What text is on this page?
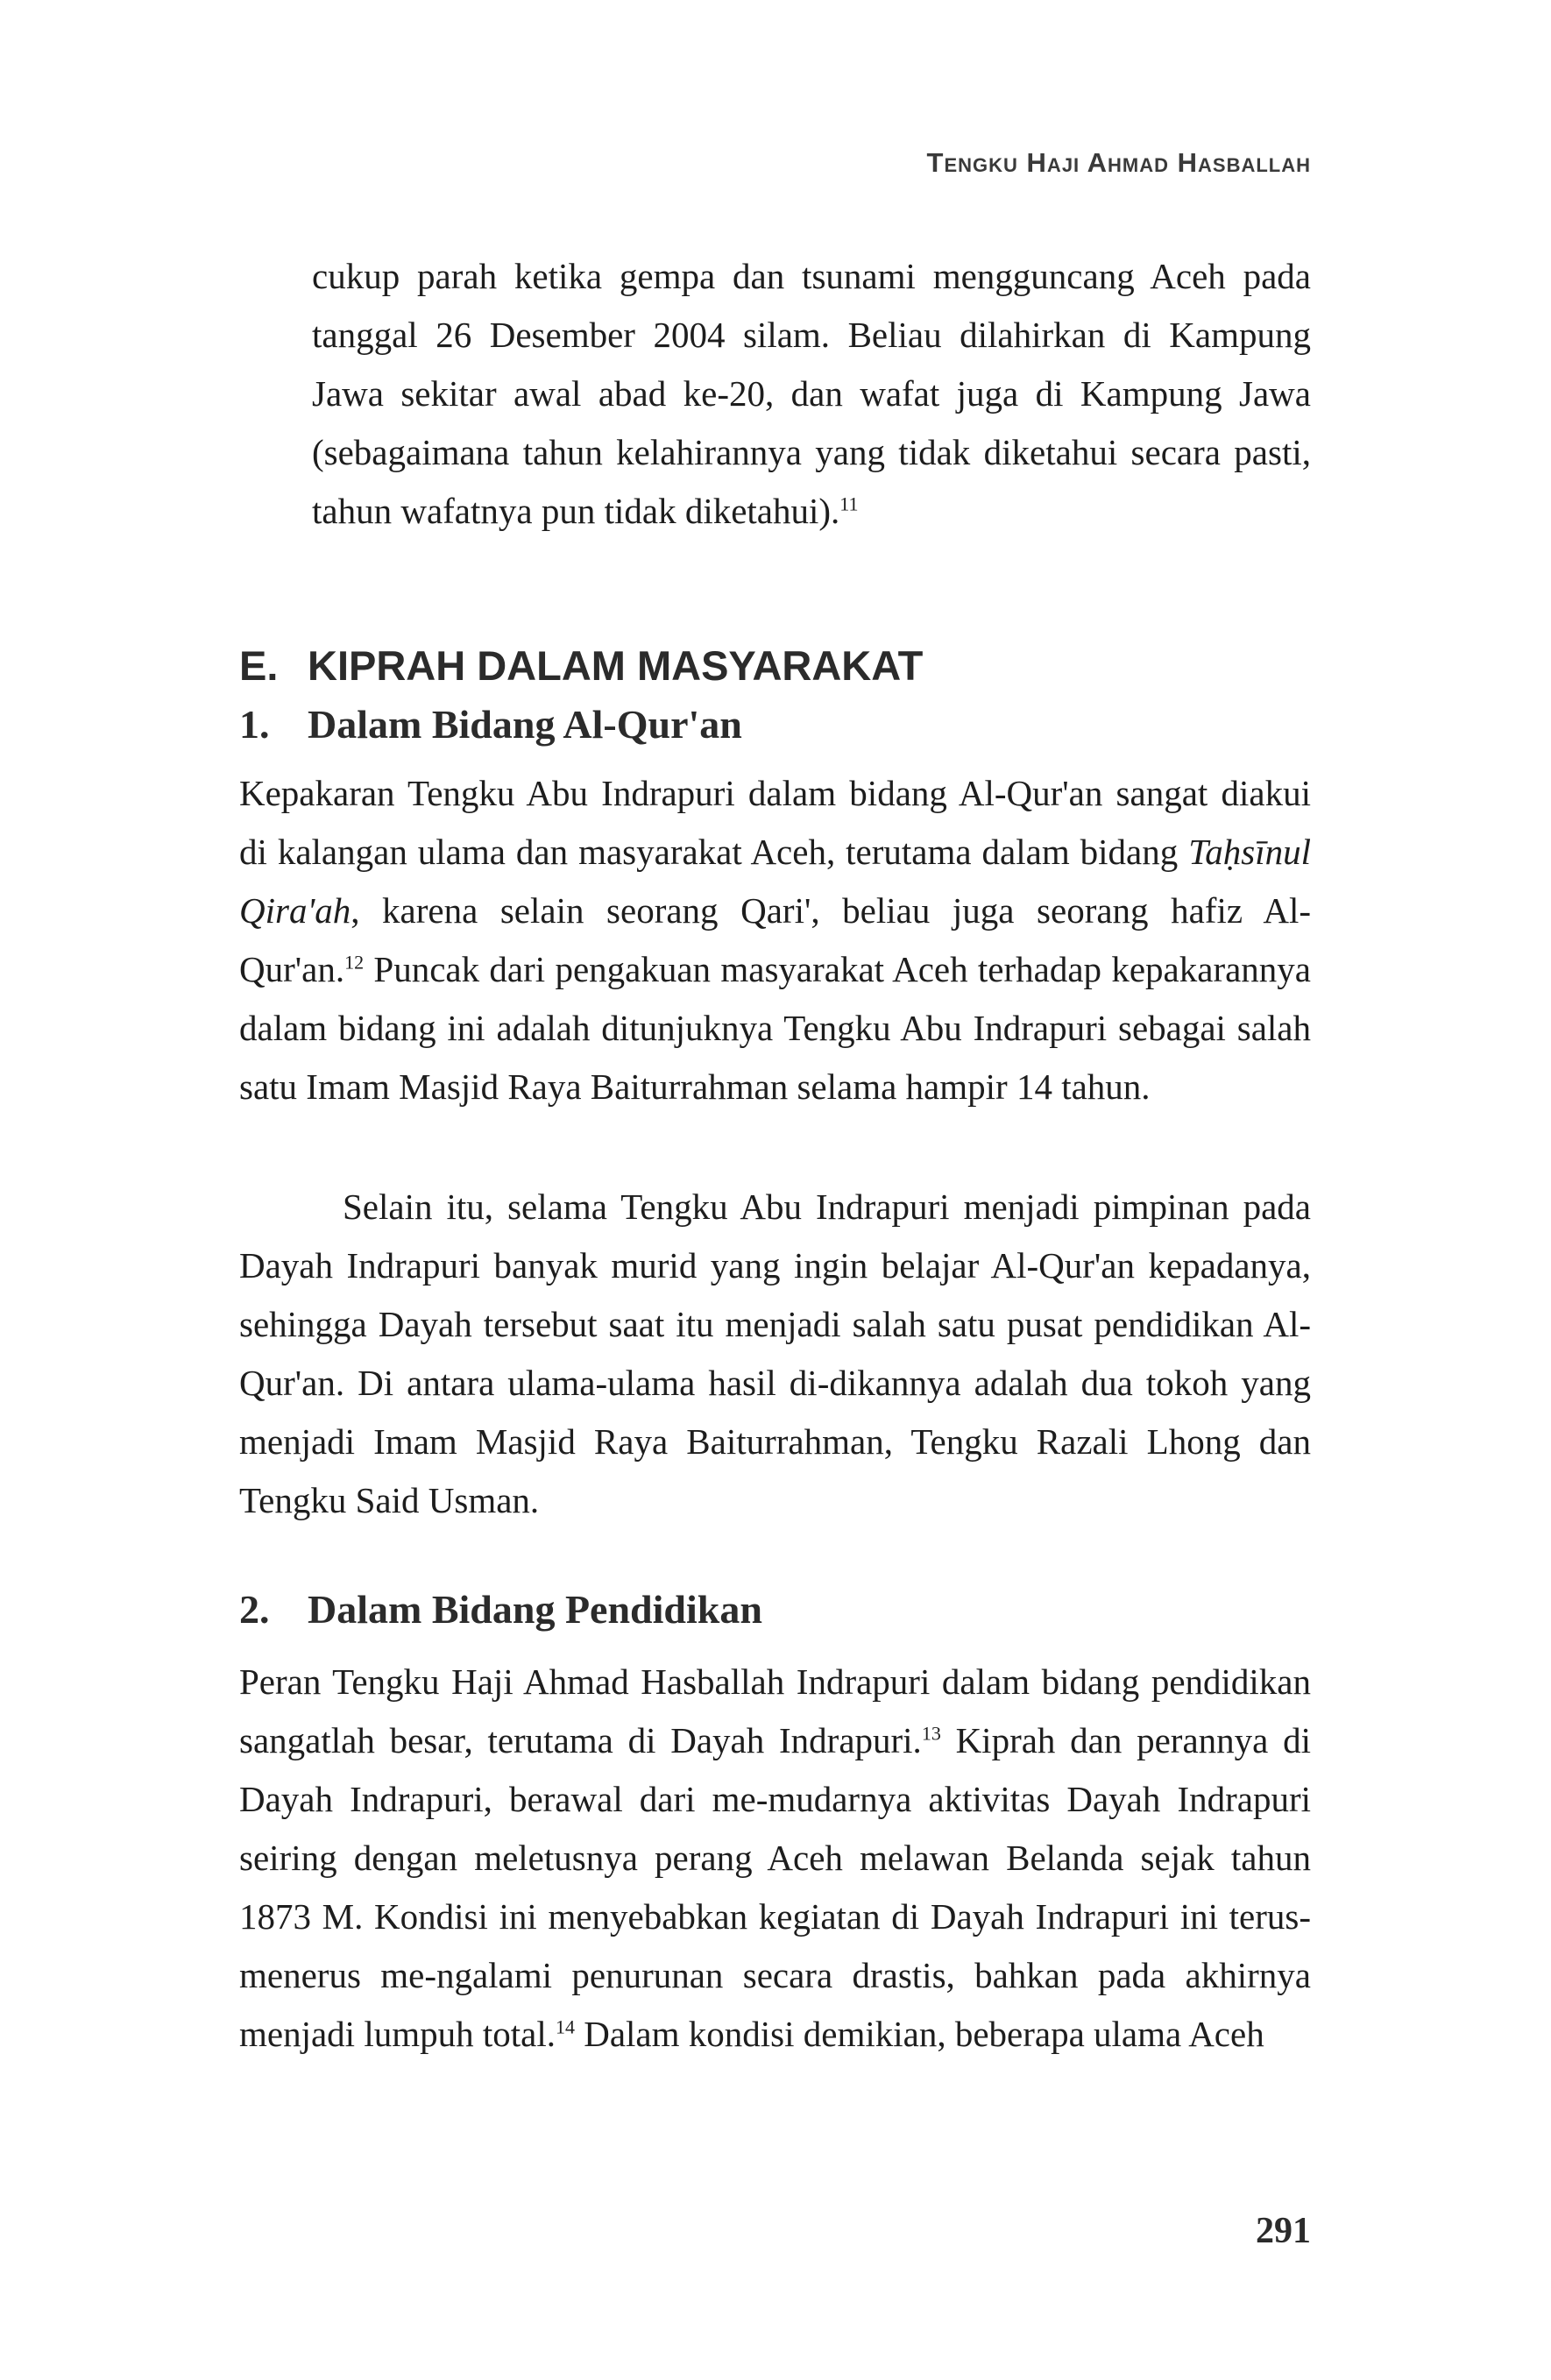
Tengku Haji Ahmad Hasballah

cukup parah ketika gempa dan tsunami mengguncang Aceh pada tanggal 26 Desember 2004 silam. Beliau dilahirkan di Kampung Jawa sekitar awal abad ke-20, dan wafat juga di Kampung Jawa (sebagaimana tahun kelahirannya yang tidak diketahui secara pasti, tahun wafatnya pun tidak diketahui).$^{11}$

E. KIPRAH DALAM MASYARAKAT
1. Dalam Bidang Al-Qur'an

Kepakaran Tengku Abu Indrapuri dalam bidang Al-Qur'an sangat diakui di kalangan ulama dan masyarakat Aceh, terutama dalam bidang Taḥsīnul Qira'ah, karena selain seorang Qari', beliau juga seorang hafiz Al-Qur'an.$^{12}$ Puncak dari pengakuan masyarakat Aceh terhadap kepakarannya dalam bidang ini adalah ditunjuknya Tengku Abu Indrapuri sebagai salah satu Imam Masjid Raya Baiturrahman selama hampir 14 tahun.

Selain itu, selama Tengku Abu Indrapuri menjadi pimpinan pada Dayah Indrapuri banyak murid yang ingin belajar Al-Qur'an kepadanya, sehingga Dayah tersebut saat itu menjadi salah satu pusat pendidikan Al-Qur'an. Di antara ulama-ulama hasil di-dikannya adalah dua tokoh yang menjadi Imam Masjid Raya Baiturrahman, Tengku Razali Lhong dan Tengku Said Usman.

2. Dalam Bidang Pendidikan

Peran Tengku Haji Ahmad Hasballah Indrapuri dalam bidang pendidikan sangatlah besar, terutama di Dayah Indrapuri.$^{13}$ Kiprah dan perannya di Dayah Indrapuri, berawal dari me-mudarnya aktivitas Dayah Indrapuri seiring dengan meletusnya perang Aceh melawan Belanda sejak tahun 1873 M. Kondisi ini menyebabkan kegiatan di Dayah Indrapuri ini terus-menerus me-ngalami penurunan secara drastis, bahkan pada akhirnya menjadi lumpuh total.$^{14}$ Dalam kondisi demikian, beberapa ulama Aceh

291
